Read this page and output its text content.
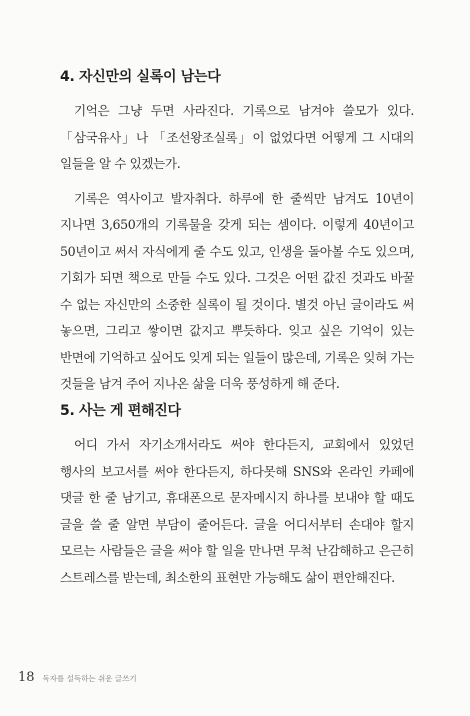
4. 자신만의 실록이 남는다

기억은 그냥 두면 사라진다. 기록으로 남겨야 쓸모가 있다. 「삼국유사」나 「조선왕조실록」이 없었다면 어떻게 그 시대의 일들을 알 수 있겠는가.

기록은 역사이고 발자취다. 하루에 한 줄씩만 남겨도 10년이 지나면 3,650개의 기록물을 갖게 되는 셈이다. 이렇게 40년이고 50년이고 써서 자식에게 줄 수도 있고, 인생을 돌아볼 수도 있으며, 기회가 되면 책으로 만들 수도 있다. 그것은 어떤 값진 것과도 바꿀 수 없는 자신만의 소중한 실록이 될 것이다. 별것 아닌 글이라도 써 놓으면, 그리고 쌓이면 값지고 뿌듯하다. 잊고 싶은 기억이 있는 반면에 기억하고 싶어도 잊게 되는 일들이 많은데, 기록은 잊혀 가는 것들을 남겨 주어 지나온 삶을 더욱 풍성하게 해 준다.

5. 사는 게 편해진다

어디 가서 자기소개서라도 써야 한다든지, 교회에서 있었던 행사의 보고서를 써야 한다든지, 하다못해 SNS와 온라인 카페에 댓글 한 줄 남기고, 휴대폰으로 문자메시지 하나를 보내야 할 때도 글을 쓸 줄 알면 부담이 줄어든다. 글을 어디서부터 손대야 할지 모르는 사람들은 글을 써야 할 일을 만나면 무척 난감해하고 은근히 스트레스를 받는데, 최소한의 표현만 가능해도 삶이 편안해진다.

18 독자를 설득하는 쉬운 글쓰기
